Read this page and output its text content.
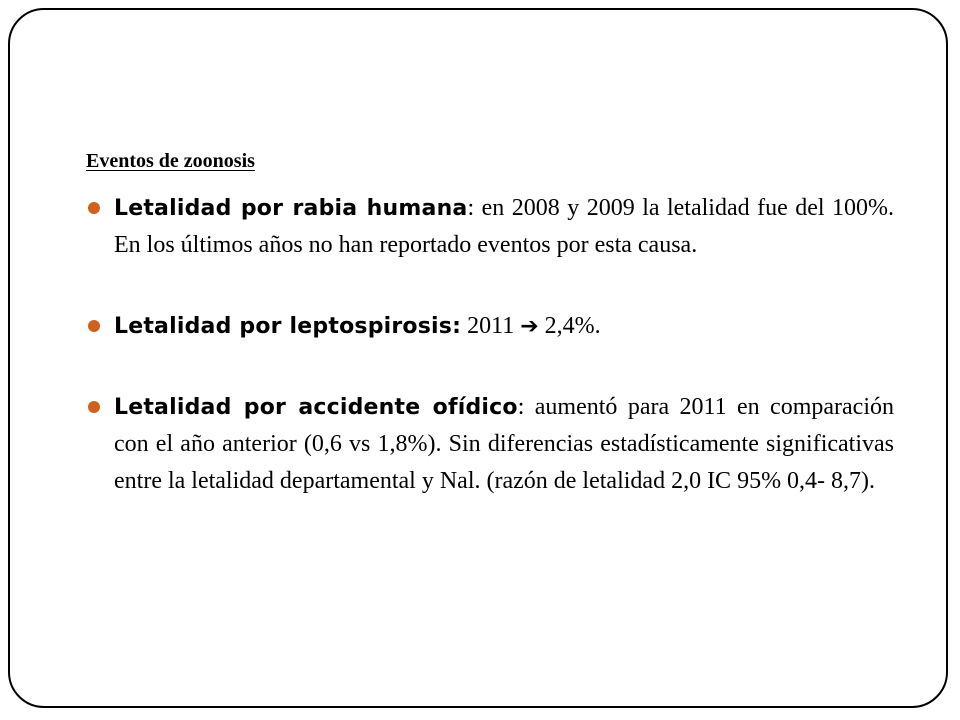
Eventos de zoonosis
Letalidad por rabia humana: en 2008 y 2009 la letalidad fue del 100%. En los últimos años no han reportado eventos por esta causa.
Letalidad por leptospirosis: 2011 ➔ 2,4%.
Letalidad por accidente ofídico: aumentó para 2011 en comparación con el año anterior (0,6 vs 1,8%). Sin diferencias estadísticamente significativas entre la letalidad departamental y Nal. (razón de letalidad 2,0 IC 95% 0,4- 8,7).
